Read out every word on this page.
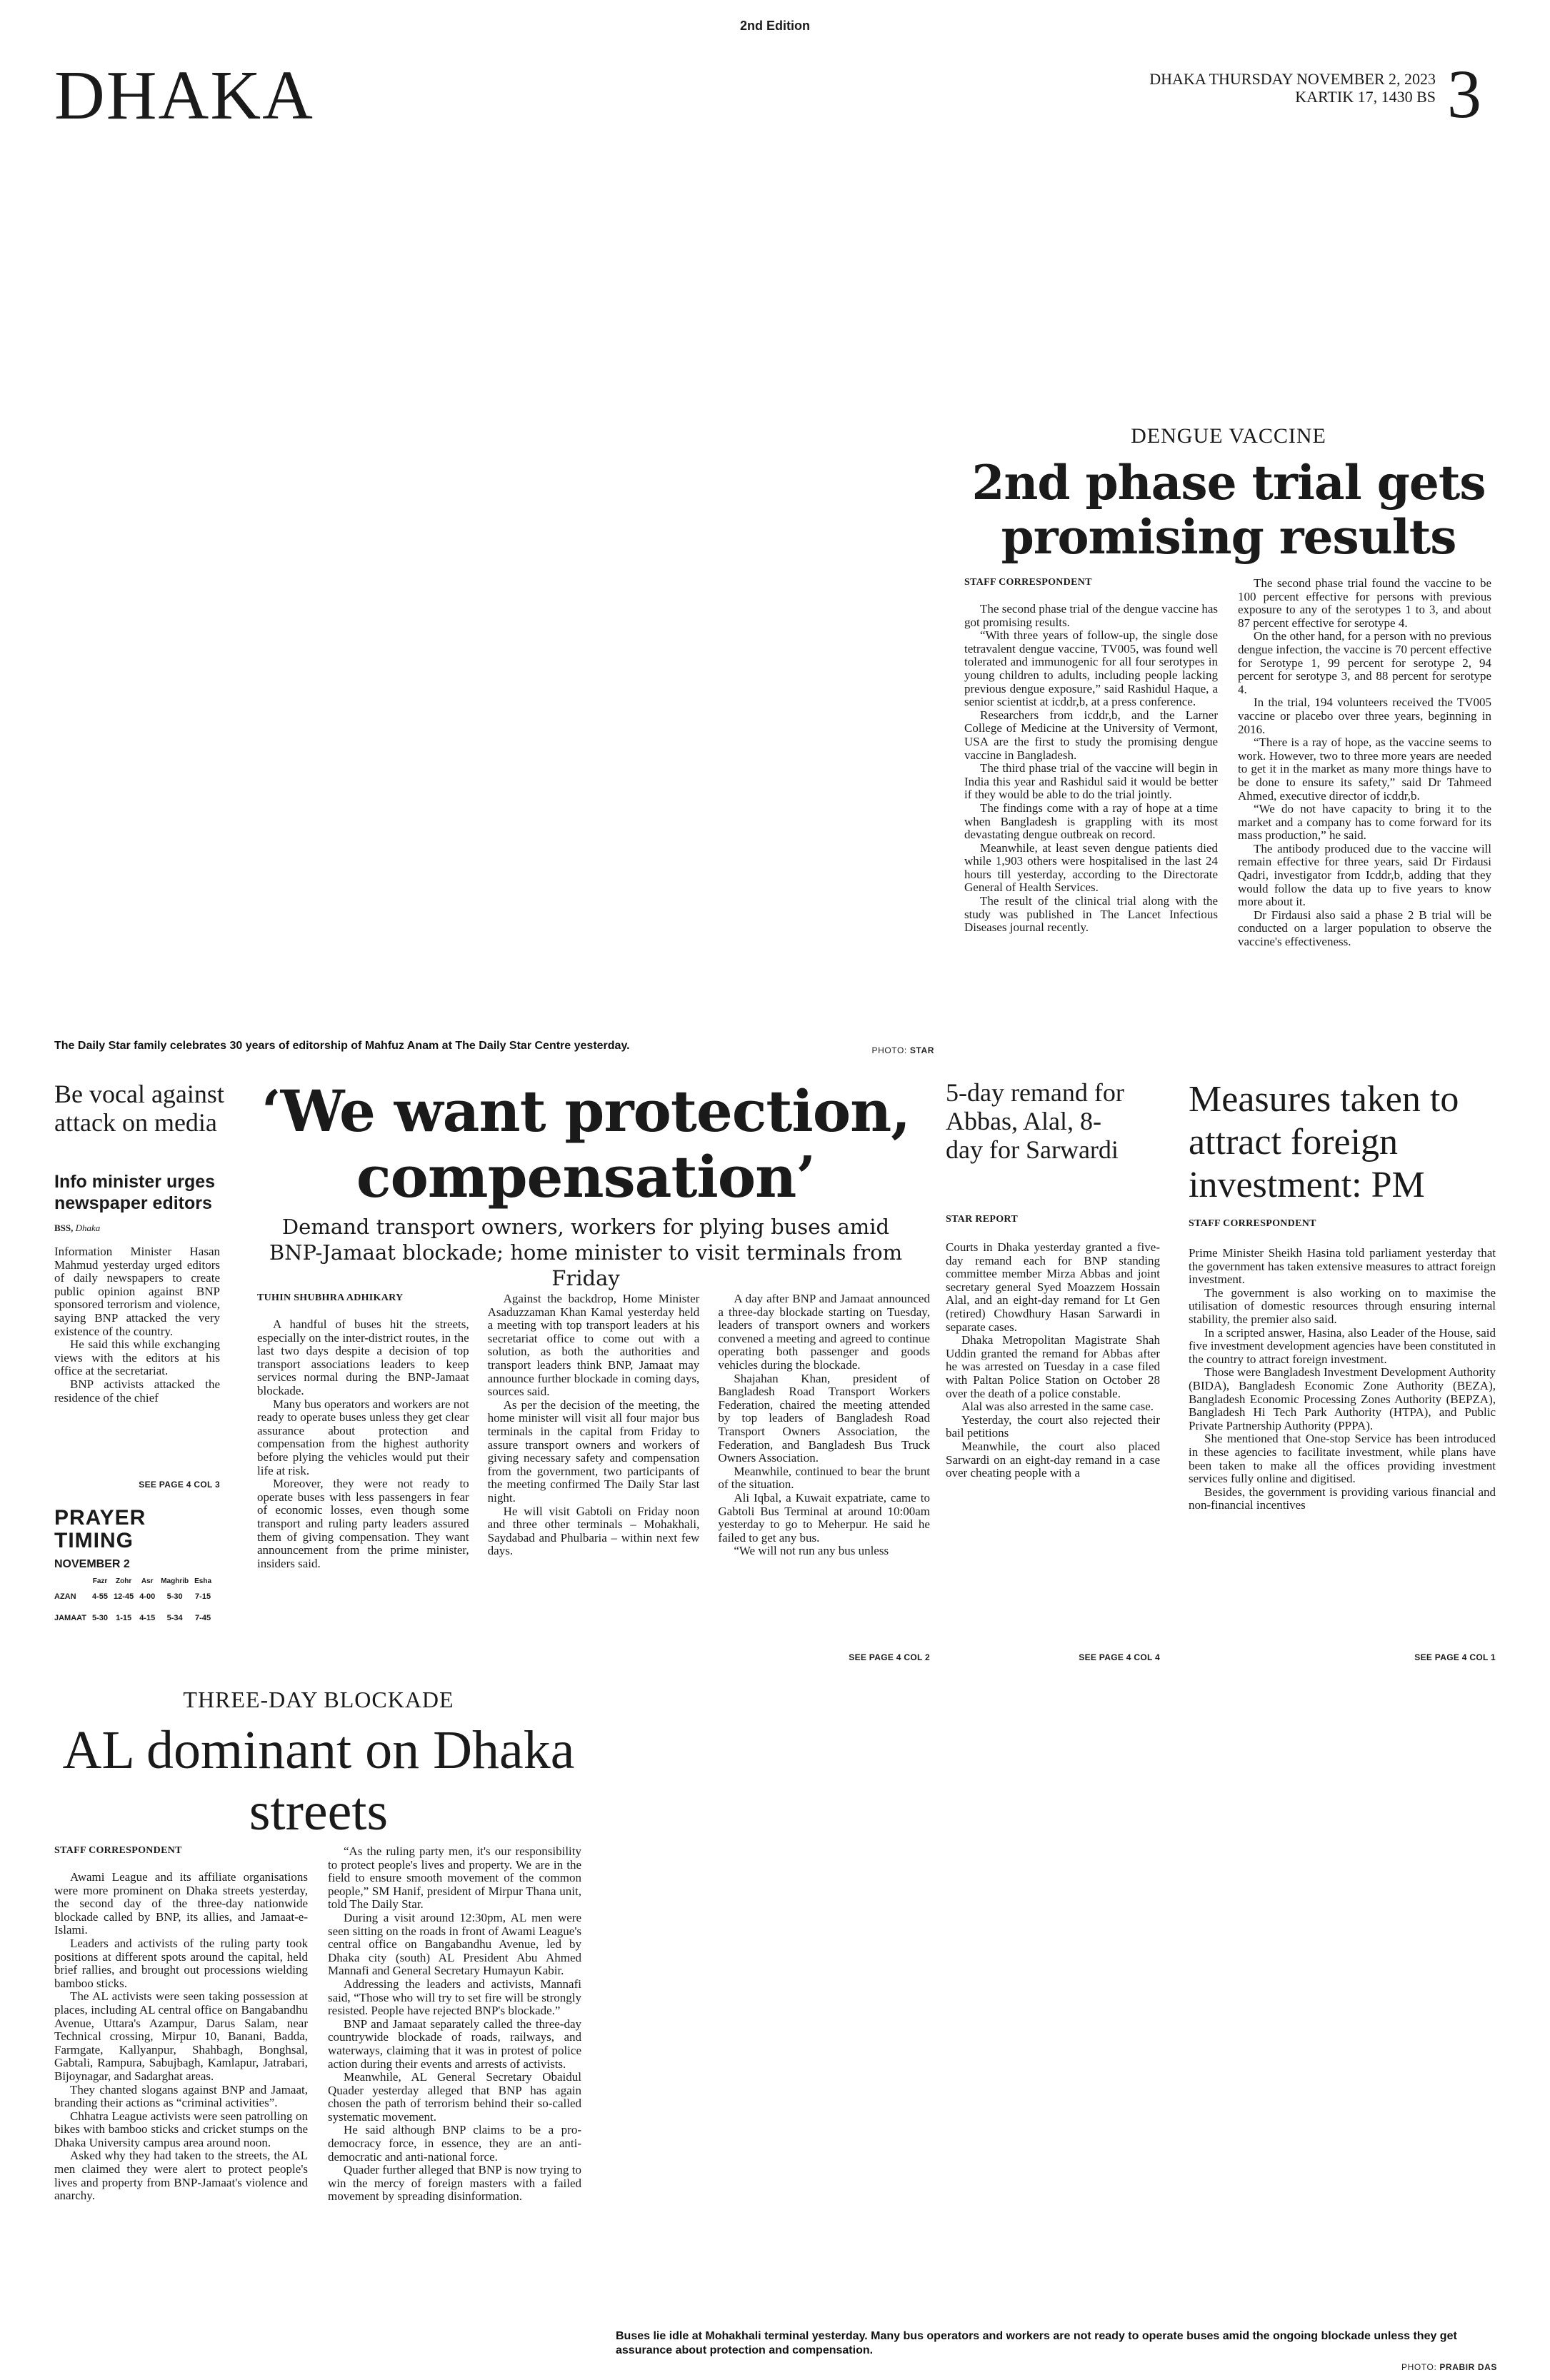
2nd Edition
DHAKA	DHAKA THURSDAY NOVEMBER 2, 2023
KARTIK 17, 1430 BS 3
The Daily Star family celebrates 30 years of editorship of Mahfuz Anam at The Daily Star Centre yesterday.	PHOTO: STAR
DENGUE VACCINE
2nd phase trial gets promising results
STAFF CORRESPONDENT

The second phase trial of the dengue vaccine has got promising results.

“With three years of follow-up, the single dose tetravalent dengue vaccine, TV005, was found well tolerated and immunogenic for all four serotypes in young children to adults, including people lacking previous dengue exposure,” said Rashidul Haque, a senior scientist at icddr,b, at a press conference.

Researchers from icddr,b, and the Larner College of Medicine at the University of Vermont, USA are the first to study the promising dengue vaccine in Bangladesh.

The third phase trial of the vaccine will begin in India this year and Rashidul said it would be better if they would be able to do the trial jointly.

The findings come with a ray of hope at a time when Bangladesh is grappling with its most devastating dengue outbreak on record.

Meanwhile, at least seven dengue patients died while 1,903 others were hospitalised in the last 24 hours till yesterday, according to the Directorate General of Health Services.

The result of the clinical trial along with the study was published in The Lancet Infectious Diseases journal recently.

The second phase trial found the vaccine to be 100 percent effective for persons with previous exposure to any of the serotypes 1 to 3, and about 87 percent effective for serotype 4.

On the other hand, for a person with no previous dengue infection, the vaccine is 70 percent effective for Serotype 1, 99 percent for serotype 2, 94 percent for serotype 3, and 88 percent for serotype 4.

In the trial, 194 volunteers received the TV005 vaccine or placebo over three years, beginning in 2016.

“There is a ray of hope, as the vaccine seems to work. However, two to three more years are needed to get it in the market as many more things have to be done to ensure its safety,” said Dr Tahmeed Ahmed, executive director of icddr,b.

“We do not have capacity to bring it to the market and a company has to come forward for its mass production,” he said.

The antibody produced due to the vaccine will remain effective for three years, said Dr Firdausi Qadri, investigator from Icddr,b, adding that they would follow the data up to five years to know more about it.

Dr Firdausi also said a phase 2 B trial will be conducted on a larger population to observe the vaccine's effectiveness.

Be vocal against attack on media
Info minister urges newspaper editors
BSS, Dhaka

Information Minister Hasan Mahmud yesterday urged editors of daily newspapers to create public opinion against BNP sponsored terrorism and violence, saying BNP attacked the very existence of the country.

He said this while exchanging views with the editors at his office at the secretariat.

BNP activists attacked the residence of the chief

SEE PAGE 4 COL 3
PRAYER
TIMING
NOVEMBER 2
	Fazr	Zohr	Asr	Maghrib	Esha
AZAN	4-55	12-45	4-00	5-30	7-15
JAMAAT	5-30	1-15	4-15	5-34	7-45
‘We want protection, compensation’
Demand transport owners, workers for plying buses amid BNP-Jamaat blockade; home minister to visit terminals from Friday
TUHIN SHUBHRA ADHIKARY

A handful of buses hit the streets, especially on the inter-district routes, in the last two days despite a decision of top transport associations leaders to keep services normal during the BNP-Jamaat blockade.

Many bus operators and workers are not ready to operate buses unless they get clear assurance about protection and compensation from the highest authority before plying the vehicles would put their life at risk.

Moreover, they were not ready to operate buses with less passengers in fear of economic losses, even though some transport and ruling party leaders assured them of giving compensation. They want announcement from the prime minister, insiders said.

Against the backdrop, Home Minister Asaduzzaman Khan Kamal yesterday held a meeting with top transport leaders at his secretariat office to come out with a solution, as both the authorities and transport leaders think BNP, Jamaat may announce further blockade in coming days, sources said.

As per the decision of the meeting, the home minister will visit all four major bus terminals in the capital from Friday to assure transport owners and workers of giving necessary safety and compensation from the government, two participants of the meeting confirmed The Daily Star last night.

He will visit Gabtoli on Friday noon and three other terminals – Mohakhali, Saydabad and Phulbaria – within next few days.

A day after BNP and Jamaat announced a three-day blockade starting on Tuesday, leaders of transport owners and workers convened a meeting and agreed to continue operating both passenger and goods vehicles during the blockade.

Shajahan Khan, president of Bangladesh Road Transport Workers Federation, chaired the meeting attended by top leaders of Bangladesh Road Transport Owners Association, the Federation, and Bangladesh Bus Truck Owners Association.

Meanwhile, continued to bear the brunt of the situation.

Ali Iqbal, a Kuwait expatriate, came to Gabtoli Bus Terminal at around 10:00am yesterday to go to Meherpur. He said he failed to get any bus.

“We will not run any bus unless

SEE PAGE 4 COL 2
5-day remand for Abbas, Alal, 8-day for Sarwardi
STAR REPORT

Courts in Dhaka yesterday granted a five-day remand each for BNP standing committee member Mirza Abbas and joint secretary general Syed Moazzem Hossain Alal, and an eight-day remand for Lt Gen (retired) Chowdhury Hasan Sarwardi in separate cases.

Dhaka Metropolitan Magistrate Shah Uddin granted the remand for Abbas after he was arrested on Tuesday in a case filed with Paltan Police Station on October 28 over the death of a police constable.

Alal was also arrested in the same case.

Yesterday, the court also rejected their bail petitions

Meanwhile, the court also placed Sarwardi on an eight-day remand in a case over cheating people with a

SEE PAGE 4 COL 4
Measures taken to attract foreign investment: PM
STAFF CORRESPONDENT

Prime Minister Sheikh Hasina told parliament yesterday that the government has taken extensive measures to attract foreign investment.

The government is also working on to maximise the utilisation of domestic resources through ensuring internal stability, the premier also said.

In a scripted answer, Hasina, also Leader of the House, said five investment development agencies have been constituted in the country to attract foreign investment.

Those were Bangladesh Investment Development Authority (BIDA), Bangladesh Economic Zone Authority (BEZA), Bangladesh Economic Processing Zones Authority (BEPZA), Bangladesh Hi Tech Park Authority (HTPA), and Public Private Partnership Authority (PPPA).

She mentioned that One-stop Service has been introduced in these agencies to facilitate investment, while plans have been taken to make all the offices providing investment services fully online and digitised.

Besides, the government is providing various financial and non-financial incentives

SEE PAGE 4 COL 1
THREE-DAY BLOCKADE
AL dominant on Dhaka streets
STAFF CORRESPONDENT

Awami League and its affiliate organisations were more prominent on Dhaka streets yesterday, the second day of the three-day nationwide blockade called by BNP, its allies, and Jamaat-e-Islami.

Leaders and activists of the ruling party took positions at different spots around the capital, held brief rallies, and brought out processions wielding bamboo sticks.

The AL activists were seen taking possession at places, including AL central office on Bangabandhu Avenue, Uttara's Azampur, Darus Salam, near Technical crossing, Mirpur 10, Banani, Badda, Farmgate, Kallyanpur, Shahbagh, Bonghsal, Gabtali, Rampura, Sabujbagh, Kamlapur, Jatrabari, Bijoynagar, and Sadarghat areas.

They chanted slogans against BNP and Jamaat, branding their actions as “criminal activities”.

Chhatra League activists were seen patrolling on bikes with bamboo sticks and cricket stumps on the Dhaka University campus area around noon.

Asked why they had taken to the streets, the AL men claimed they were alert to protect people's lives and property from BNP-Jamaat's violence and anarchy.

“As the ruling party men, it's our responsibility to protect people's lives and property. We are in the field to ensure smooth movement of the common people,” SM Hanif, president of Mirpur Thana unit, told The Daily Star.

During a visit around 12:30pm, AL men were seen sitting on the roads in front of Awami League's central office on Bangabandhu Avenue, led by Dhaka city (south) AL President Abu Ahmed Mannafi and General Secretary Humayun Kabir.

Addressing the leaders and activists, Mannafi said, “Those who will try to set fire will be strongly resisted. People have rejected BNP's blockade.”

BNP and Jamaat separately called the three-day countrywide blockade of roads, railways, and waterways, claiming that it was in protest of police action during their events and arrests of activists.

Meanwhile, AL General Secretary Obaidul Quader yesterday alleged that BNP has again chosen the path of terrorism behind their so-called systematic movement.

He said although BNP claims to be a pro-democracy force, in essence, they are an anti-democratic and anti-national force.

Quader further alleged that BNP is now trying to win the mercy of foreign masters with a failed movement by spreading disinformation.

Buses lie idle at Mohakhali terminal yesterday. Many bus operators and workers are not ready to operate buses amid the ongoing blockade unless they get assurance about protection and compensation.
PHOTO: PRABIR DAS
